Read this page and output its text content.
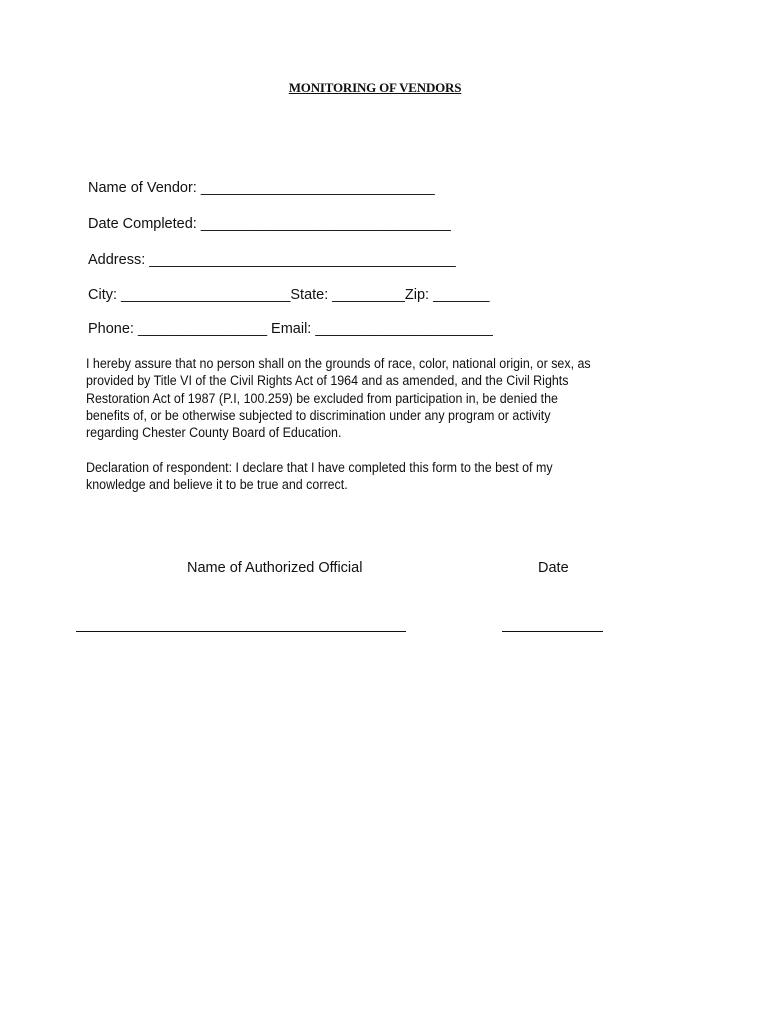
MONITORING OF VENDORS
Name of Vendor: _____________________________
Date Completed: _______________________________
Address: ______________________________________
City: _____________________State: _________Zip: _______
Phone: ________________ Email: ______________________
I hereby assure that no person shall on the grounds of race, color, national origin, or sex, as
provided by Title VI of the Civil Rights Act of 1964 and as amended, and the Civil Rights
Restoration Act of 1987 (P.I, 100.259) be excluded from participation in, be denied the
benefits of, or be otherwise subjected to discrimination under any program or activity
regarding Chester County Board of Education.
Declaration of respondent: I declare that I have completed this form to the best of my
knowledge and believe it to be true and correct.
Name of Authorized Official	Date
